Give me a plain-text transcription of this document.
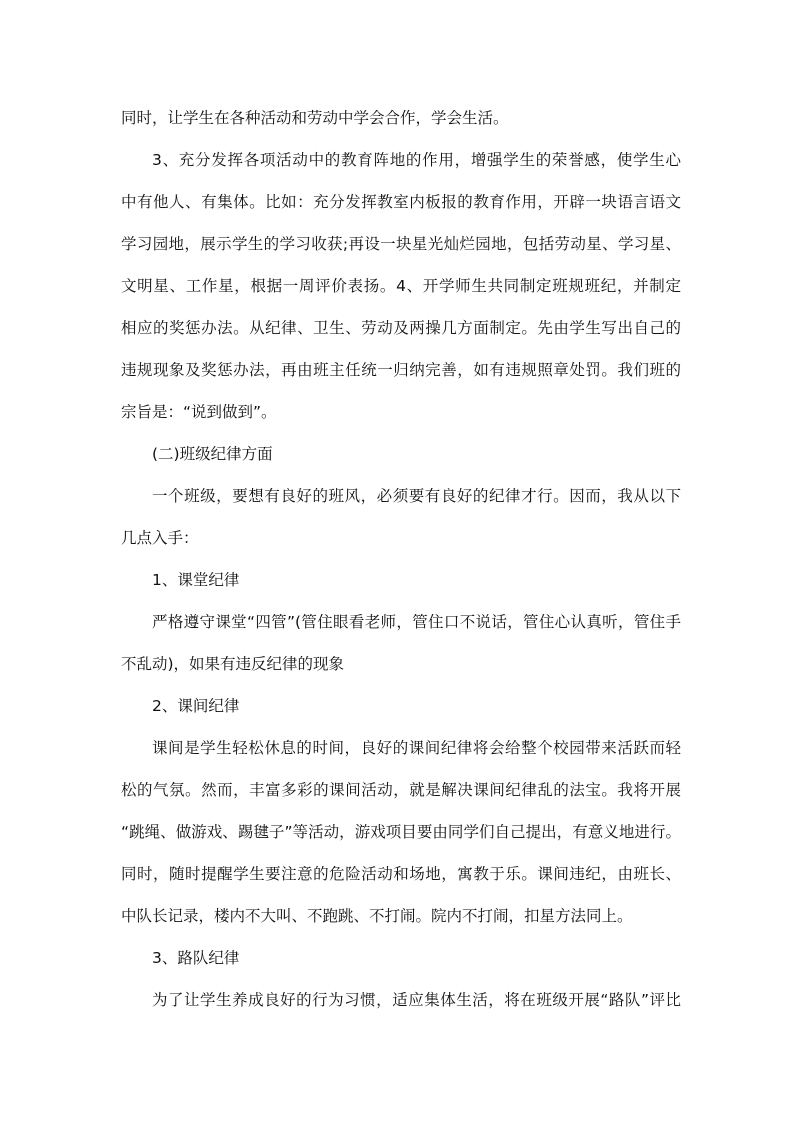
同时，让学生在各种活动和劳动中学会合作，学会生活。
3、充分发挥各项活动中的教育阵地的作用，增强学生的荣誉感，使学生心
中有他人、有集体。比如：充分发挥教室内板报的教育作用，开辟一块语言语文
学习园地，展示学生的学习收获;再设一块星光灿烂园地，包括劳动星、学习星、
文明星、工作星，根据一周评价表扬。4、开学师生共同制定班规班纪，并制定
相应的奖惩办法。从纪律、卫生、劳动及两操几方面制定。先由学生写出自己的
违规现象及奖惩办法，再由班主任统一归纳完善，如有违规照章处罚。我们班的
宗旨是：“说到做到”。
(二)班级纪律方面
一个班级，要想有良好的班风，必须要有良好的纪律才行。因而，我从以下
几点入手：
1、课堂纪律
严格遵守课堂“四管”(管住眼看老师，管住口不说话，管住心认真听，管住手
不乱动)，如果有违反纪律的现象
2、课间纪律
课间是学生轻松休息的时间，良好的课间纪律将会给整个校园带来活跃而轻
松的气氛。然而，丰富多彩的课间活动，就是解决课间纪律乱的法宝。我将开展
“跳绳、做游戏、踢毽子”等活动，游戏项目要由同学们自己提出，有意义地进行。
同时，随时提醒学生要注意的危险活动和场地，寓教于乐。课间违纪，由班长、
中队长记录，楼内不大叫、不跑跳、不打闹。院内不打闹，扣星方法同上。
3、路队纪律
为了让学生养成良好的行为习惯，适应集体生活，将在班级开展“路队”评比
